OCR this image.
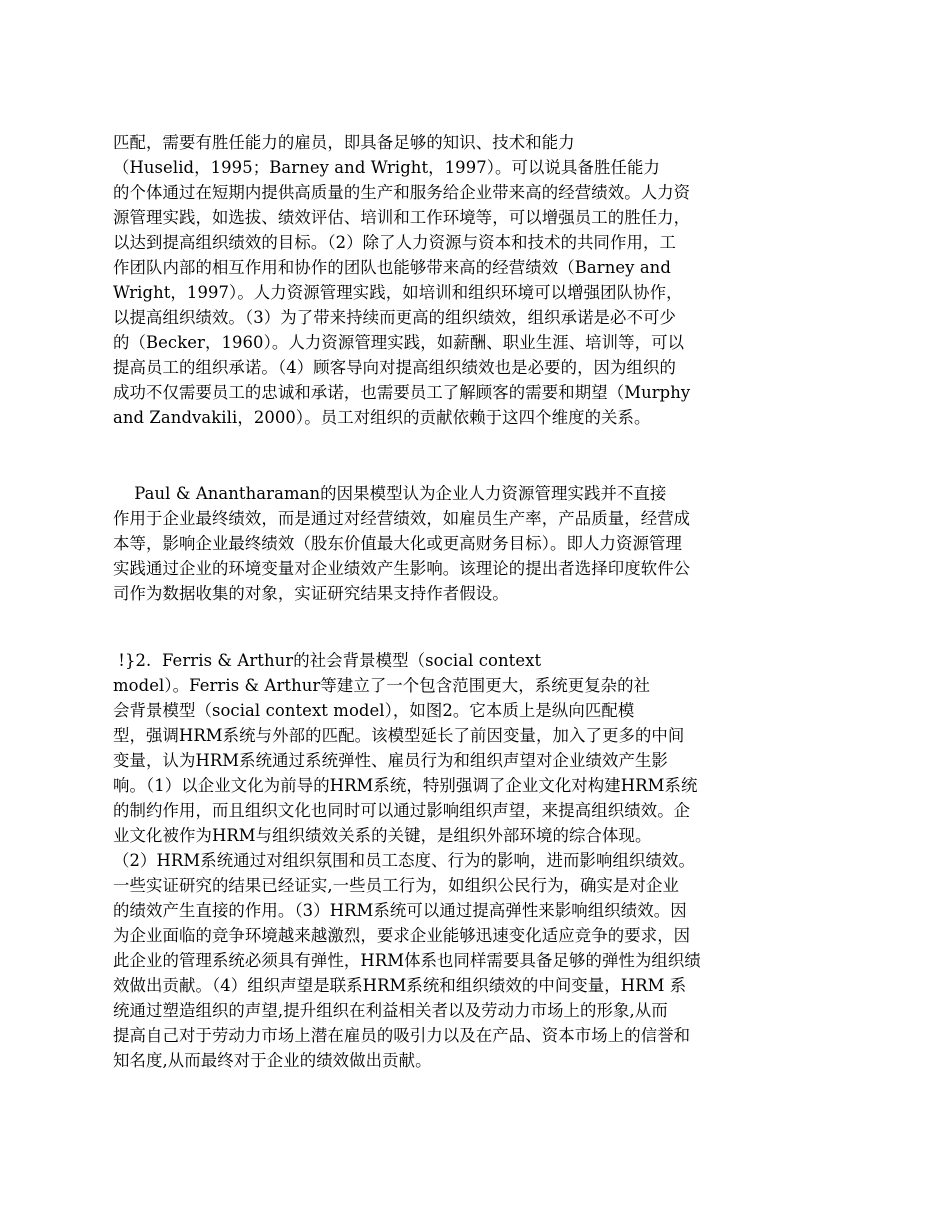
匹配，需要有胜任能力的雇员，即具备足够的知识、技术和能力
（Huselid，1995；Barney and Wright，1997）。可以说具备胜任能力
的个体通过在短期内提供高质量的生产和服务给企业带来高的经营绩效。人力资
源管理实践，如选拔、绩效评估、培训和工作环境等，可以增强员工的胜任力，
以达到提高组织绩效的目标。（2）除了人力资源与资本和技术的共同作用，工
作团队内部的相互作用和协作的团队也能够带来高的经营绩效（Barney and
Wright，1997）。人力资源管理实践，如培训和组织环境可以增强团队协作，
以提高组织绩效。（3）为了带来持续而更高的组织绩效，组织承诺是必不可少
的（Becker，1960）。人力资源管理实践，如薪酬、职业生涯、培训等，可以
提高员工的组织承诺。（4）顾客导向对提高组织绩效也是必要的，因为组织的
成功不仅需要员工的忠诚和承诺，也需要员工了解顾客的需要和期望（Murphy
and Zandvakili，2000）。员工对组织的贡献依赖于这四个维度的关系。
Paul & Anantharaman的因果模型认为企业人力资源管理实践并不直接
作用于企业最终绩效，而是通过对经营绩效，如雇员生产率，产品质量，经营成
本等，影响企业最终绩效（股东价值最大化或更高财务目标）。即人力资源管理
实践通过企业的环境变量对企业绩效产生影响。该理论的提出者选择印度软件公
司作为数据收集的对象，实证研究结果支持作者假设。
!}2.  Ferris & Arthur的社会背景模型（social context
model）。Ferris & Arthur等建立了一个包含范围更大，系统更复杂的社
会背景模型（social context model），如图2。它本质上是纵向匹配模
型，强调HRM系统与外部的匹配。该模型延长了前因变量，加入了更多的中间
变量，认为HRM系统通过系统弹性、雇员行为和组织声望对企业绩效产生影
响。（1）以企业文化为前导的HRM系统，特别强调了企业文化对构建HRM系统
的制约作用，而且组织文化也同时可以通过影响组织声望，来提高组织绩效。企
业文化被作为HRM与组织绩效关系的关键，是组织外部环境的综合体现。
（2）HRM系统通过对组织氛围和员工态度、行为的影响，进而影响组织绩效。
一些实证研究的结果已经证实,一些员工行为，如组织公民行为，确实是对企业
的绩效产生直接的作用。（3）HRM系统可以通过提高弹性来影响组织绩效。因
为企业面临的竞争环境越来越激烈，要求企业能够迅速变化适应竞争的要求，因
此企业的管理系统必须具有弹性，HRM体系也同样需要具备足够的弹性为组织绩
效做出贡献。（4）组织声望是联系HRM系统和组织绩效的中间变量，HRM 系
统通过塑造组织的声望,提升组织在利益相关者以及劳动力市场上的形象,从而
提高自己对于劳动力市场上潜在雇员的吸引力以及在产品、资本市场上的信誉和
知名度,从而最终对于企业的绩效做出贡献。
